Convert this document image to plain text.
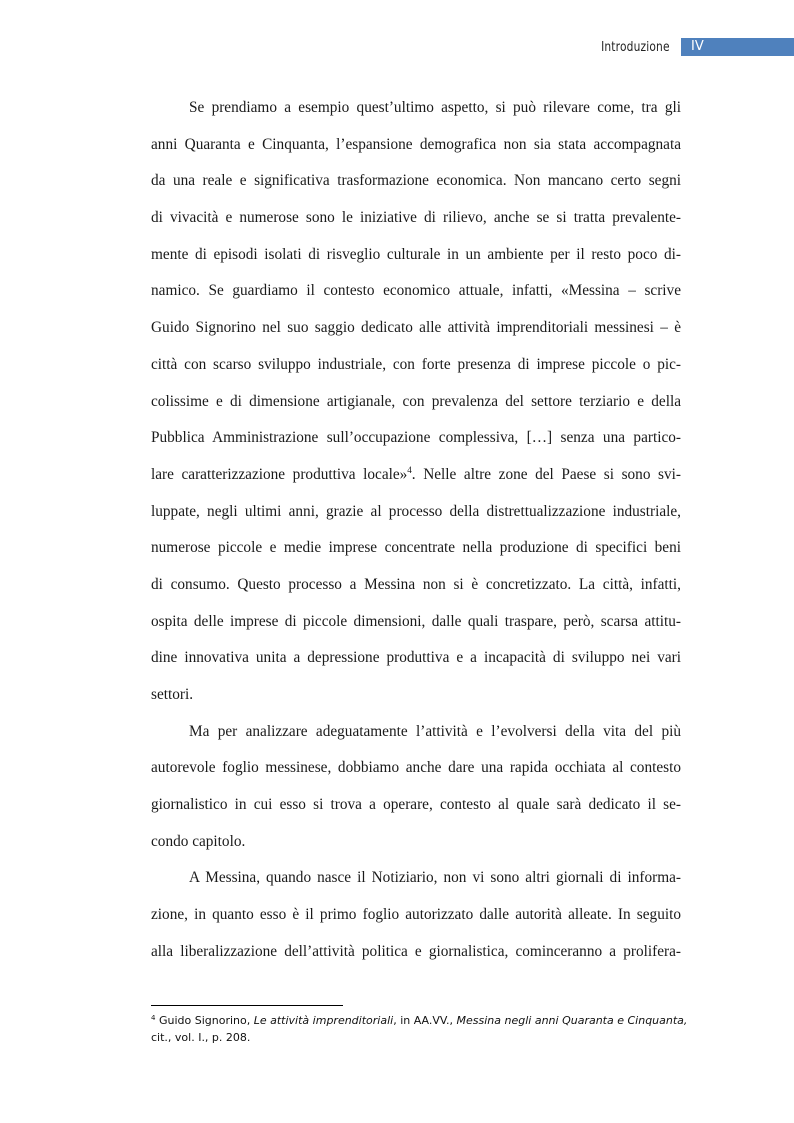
Introduzione IV
Se prendiamo a esempio quest’ultimo aspetto, si può rilevare come, tra gli
anni Quaranta e Cinquanta, l’espansione demografica non sia stata accompagnata
da una reale e significativa trasformazione economica. Non mancano certo segni
di vivacità e numerose sono le iniziative di rilievo, anche se si tratta prevalente-
mente di episodi isolati di risveglio culturale in un ambiente per il resto poco di-
namico. Se guardiamo il contesto economico attuale, infatti, «Messina – scrive
Guido Signorino nel suo saggio dedicato alle attività imprenditoriali messinesi – è
città con scarso sviluppo industriale, con forte presenza di imprese piccole o pic-
colissime e di dimensione artigianale, con prevalenza del settore terziario e della
Pubblica Amministrazione sull’occupazione complessiva, […] senza una partico-
lare caratterizzazione produttiva locale»$^4$. Nelle altre zone del Paese si sono svi-
luppate, negli ultimi anni, grazie al processo della distrettualizzazione industriale,
numerose piccole e medie imprese concentrate nella produzione di specifici beni
di consumo. Questo processo a Messina non si è concretizzato. La città, infatti,
ospita delle imprese di piccole dimensioni, dalle quali traspare, però, scarsa attitu-
dine innovativa unita a depressione produttiva e a incapacità di sviluppo nei vari
settori.
Ma per analizzare adeguatamente l’attività e l’evolversi della vita del più
autorevole foglio messinese, dobbiamo anche dare una rapida occhiata al contesto
giornalistico in cui esso si trova a operare, contesto al quale sarà dedicato il se-
condo capitolo.
A Messina, quando nasce il Notiziario, non vi sono altri giornali di informa-
zione, in quanto esso è il primo foglio autorizzato dalle autorità alleate. In seguito
alla liberalizzazione dell’attività politica e giornalistica, cominceranno a prolifera-
$^4$ Guido Signorino, Le attività imprenditoriali, in AA.VV., Messina negli anni Quaranta e Cinquanta,
cit., vol. I., p. 208.
